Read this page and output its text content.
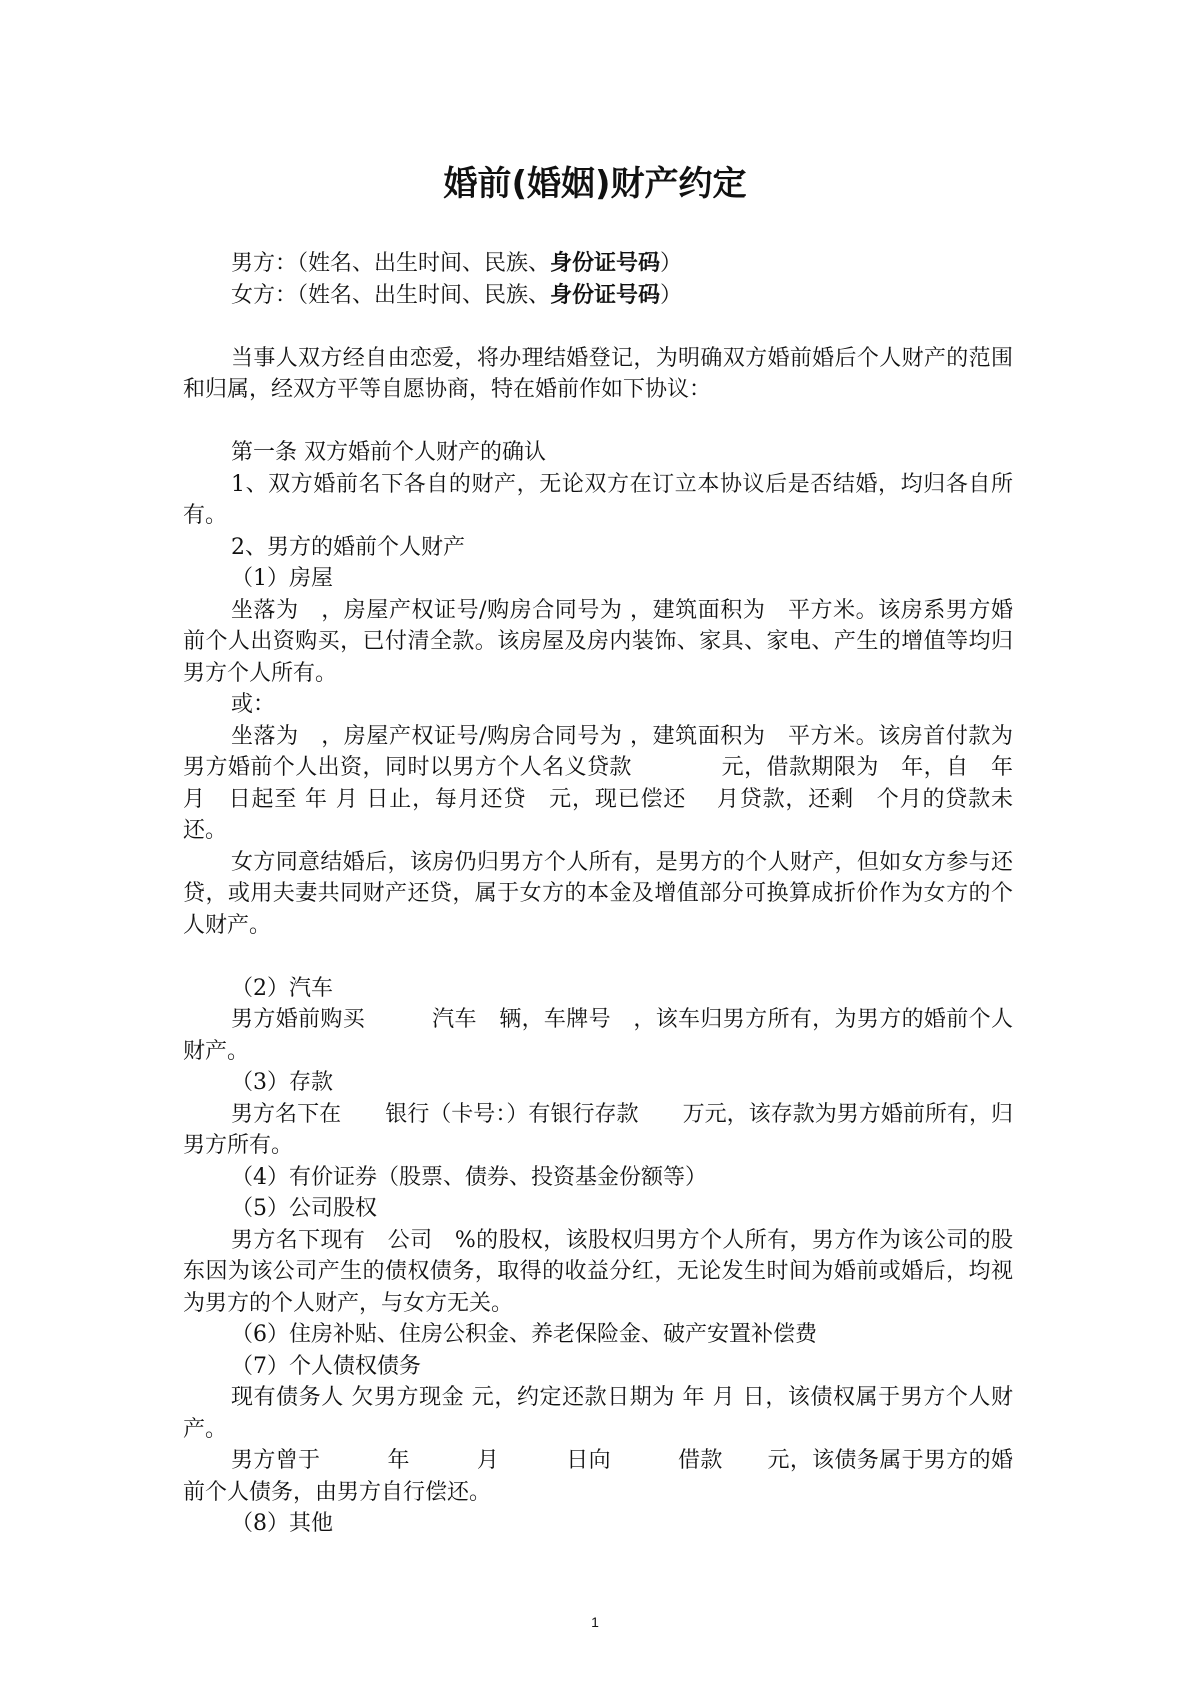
婚前(婚姻)财产约定

男方：（姓名、出生时间、民族、身份证号码）

女方：（姓名、出生时间、民族、身份证号码）

当事人双方经自由恋爱，将办理结婚登记，为明确双方婚前婚后个人财产的范围和归属，经双方平等自愿协商，特在婚前作如下协议：

第一条 双方婚前个人财产的确认

1、双方婚前名下各自的财产，无论双方在订立本协议后是否结婚，均归各自所有。

2、男方的婚前个人财产

（1）房屋

坐落为　，房屋产权证号/购房合同号为 ，建筑面积为　平方米。该房系男方婚前个人出资购买，已付清全款。该房屋及房内装饰、家具、家电、产生的增值等均归男方个人所有。

或：

坐落为　，房屋产权证号/购房合同号为 ，建筑面积为　平方米。该房首付款为男方婚前个人出资，同时以男方个人名义贷款　　　　元，借款期限为　年，自　年　月　日起至 年 月 日止，每月还贷　元，现已偿还　 月贷款，还剩　个月的贷款未还。

女方同意结婚后，该房仍归男方个人所有，是男方的个人财产，但如女方参与还贷，或用夫妻共同财产还贷，属于女方的本金及增值部分可换算成折价作为女方的个人财产。

（2）汽车

男方婚前购买　　　汽车　辆，车牌号　，该车归男方所有，为男方的婚前个人财产。

（3）存款

男方名下在　　银行（卡号：）有银行存款　　万元，该存款为男方婚前所有，归男方所有。

（4）有价证券（股票、债券、投资基金份额等）

（5）公司股权

男方名下现有　公司　%的股权，该股权归男方个人所有，男方作为该公司的股东因为该公司产生的债权债务，取得的收益分红，无论发生时间为婚前或婚后，均视为男方的个人财产，与女方无关。

（6）住房补贴、住房公积金、养老保险金、破产安置补偿费

（7）个人债权债务

现有债务人 欠男方现金 元，约定还款日期为 年 月 日，该债权属于男方个人财产。

男方曾于　　　年　　　月　　　日向　　　借款　　元，该债务属于男方的婚前个人债务，由男方自行偿还。

（8）其他

1
